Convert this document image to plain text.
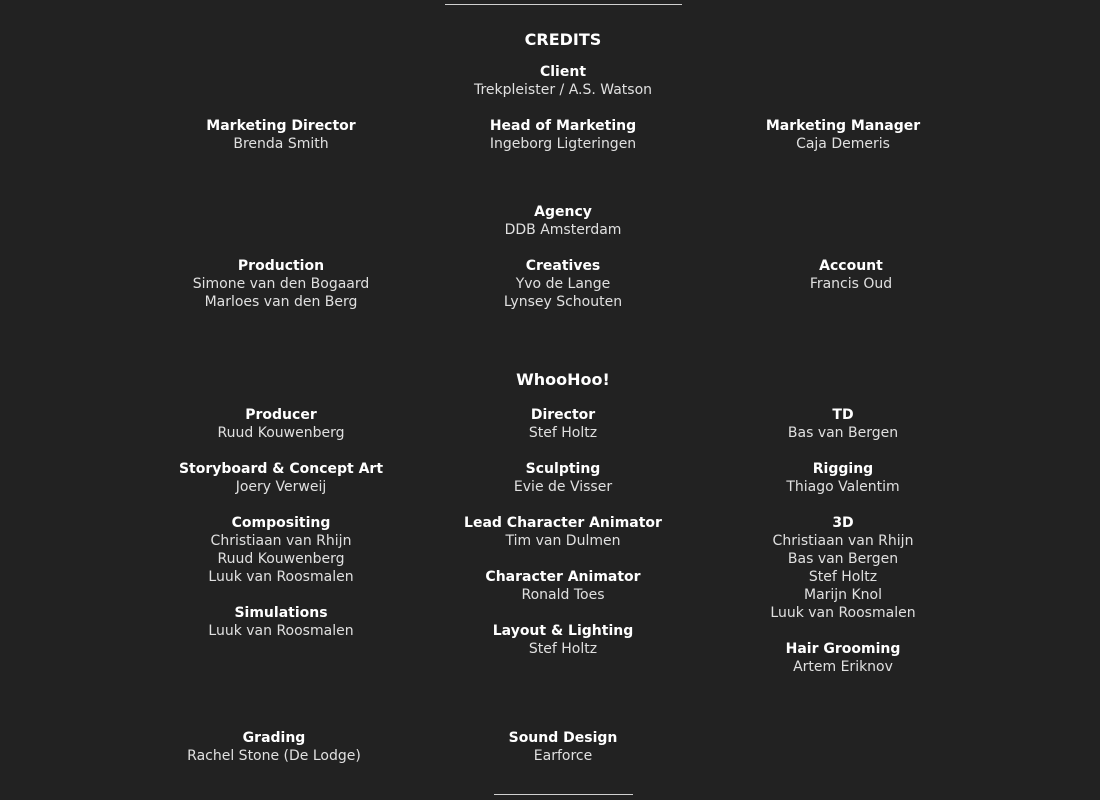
CREDITS
Client
Trekpleister / A.S. Watson
Marketing Director
Brenda Smith
Head of Marketing
Ingeborg Ligteringen
Marketing Manager
Caja Demeris
Agency
DDB Amsterdam
Production
Simone van den Bogaard
Marloes van den Berg
Creatives
Yvo de Lange
Lynsey Schouten
Account
Francis Oud
WhooHoo!
Producer
Ruud Kouwenberg
Director
Stef Holtz
TD
Bas van Bergen
Storyboard & Concept Art
Joery Verweij
Sculpting
Evie de Visser
Rigging
Thiago Valentim
Compositing
Christiaan van Rhijn
Ruud Kouwenberg
Luuk van Roosmalen
Lead Character Animator
Tim van Dulmen
3D
Christiaan van Rhijn
Bas van Bergen
Stef Holtz
Marijn Knol
Luuk van Roosmalen
Character Animator
Ronald Toes
Simulations
Luuk van Roosmalen	Layout & Lighting
Stef Holtz	Hair Grooming
Artem Eriknov
Grading
Rachel Stone (De Lodge)
Sound Design
Earforce
